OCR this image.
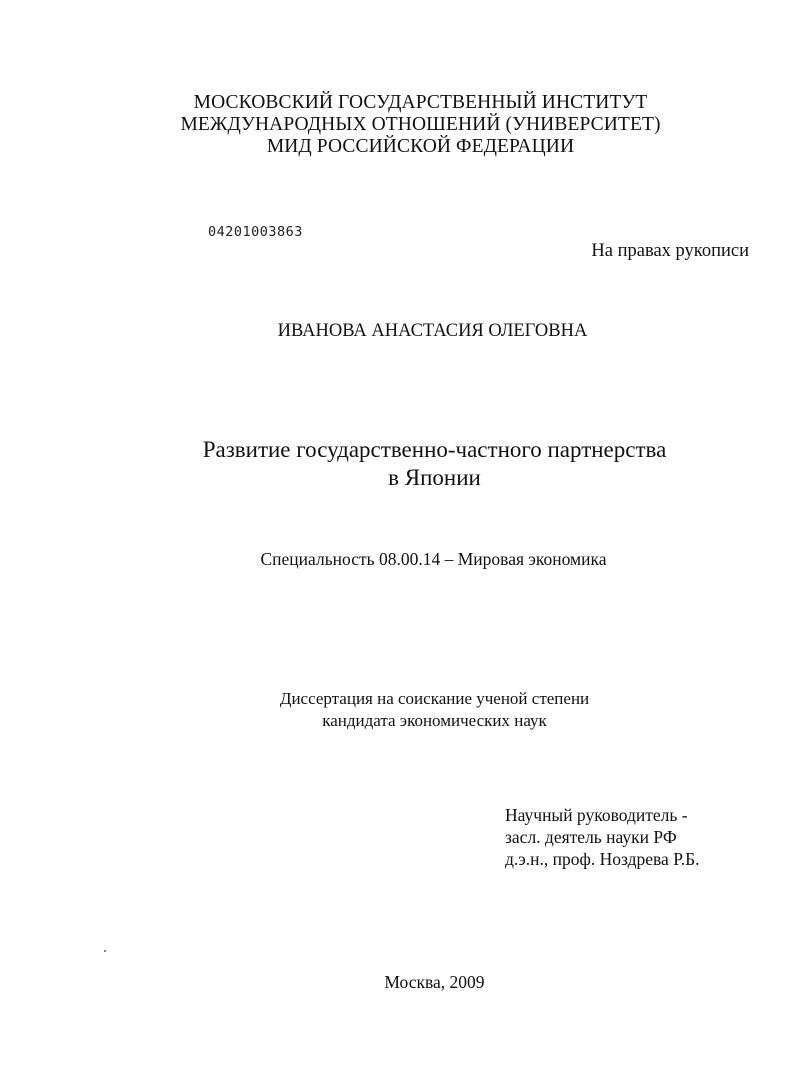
МОСКОВСКИЙ ГОСУДАРСТВЕННЫЙ ИНСТИТУТ
МЕЖДУНАРОДНЫХ ОТНОШЕНИЙ (УНИВЕРСИТЕТ)
МИД РОССИЙСКОЙ ФЕДЕРАЦИИ
04201003863
На правах рукописи
ИВАНОВА АНАСТАСИЯ ОЛЕГОВНА
Развитие государственно-частного партнерства
в Японии
Специальность 08.00.14 – Мировая экономика
Диссертация на соискание ученой степени
кандидата экономических наук
Научный руководитель -
засл. деятель науки РФ
д.э.н., проф. Ноздрева Р.Б.
Москва, 2009
